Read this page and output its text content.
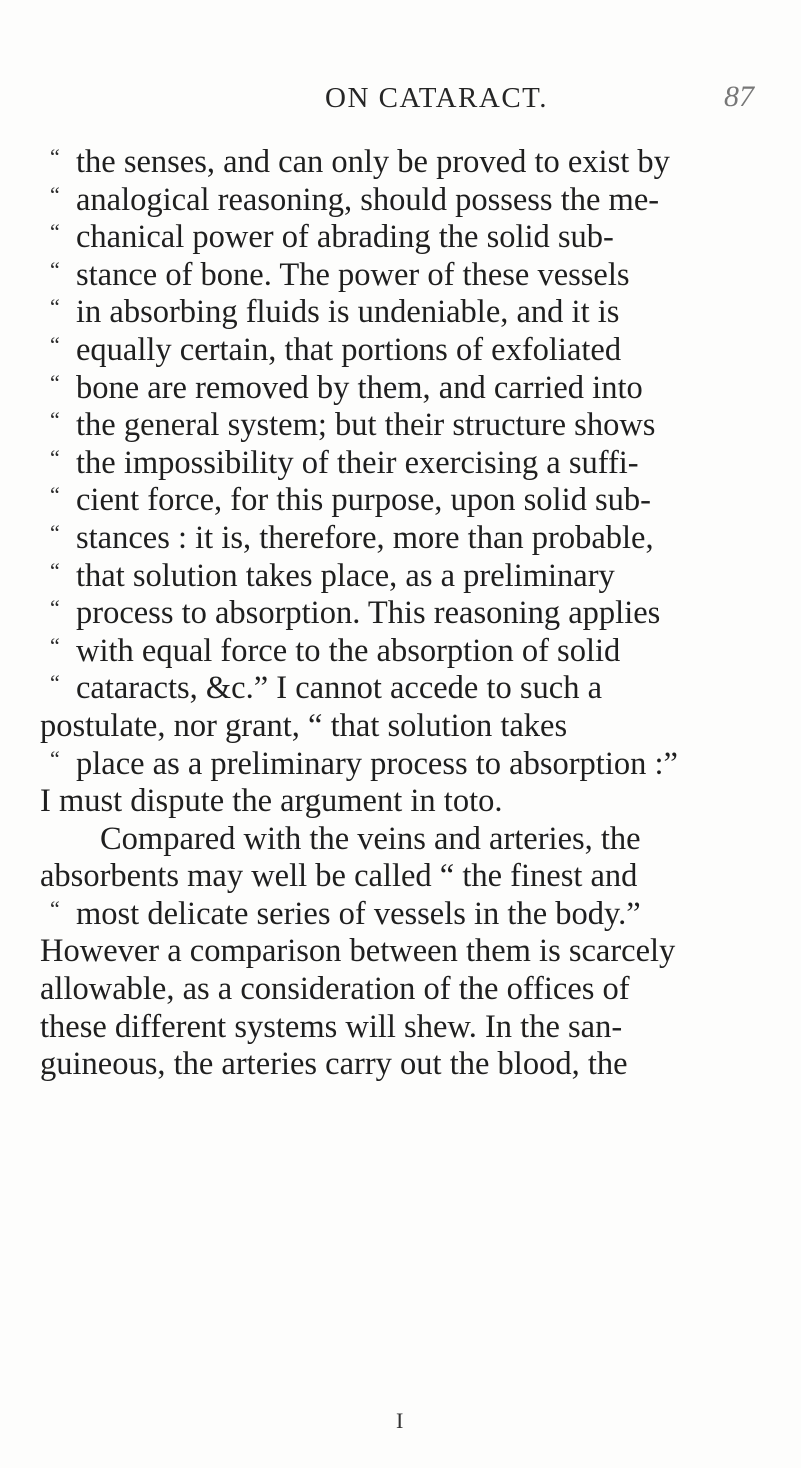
ON CATARACT.	87
“ the senses, and can only be proved to exist by
“ analogical reasoning, should possess the me-
“ chanical power of abrading the solid sub-
“ stance of bone. The power of these vessels
“ in absorbing fluids is undeniable, and it is
“ equally certain, that portions of exfoliated
“ bone are removed by them, and carried into
“ the general system; but their structure shows
“ the impossibility of their exercising a suffi-
“ cient force, for this purpose, upon solid sub-
“ stances : it is, therefore, more than probable,
“ that solution takes place, as a preliminary
“ process to absorption. This reasoning applies
“ with equal force to the absorption of solid
“ cataracts, &c.” I cannot accede to such a
postulate, nor grant, “ that solution takes
“ place as a preliminary process to absorption :”
I must dispute the argument in toto.
Compared with the veins and arteries, the
absorbents may well be called “ the finest and
“ most delicate series of vessels in the body.”
However a comparison between them is scarcely
allowable, as a consideration of the offices of
these different systems will shew. In the san-
guineous, the arteries carry out the blood, the
I
